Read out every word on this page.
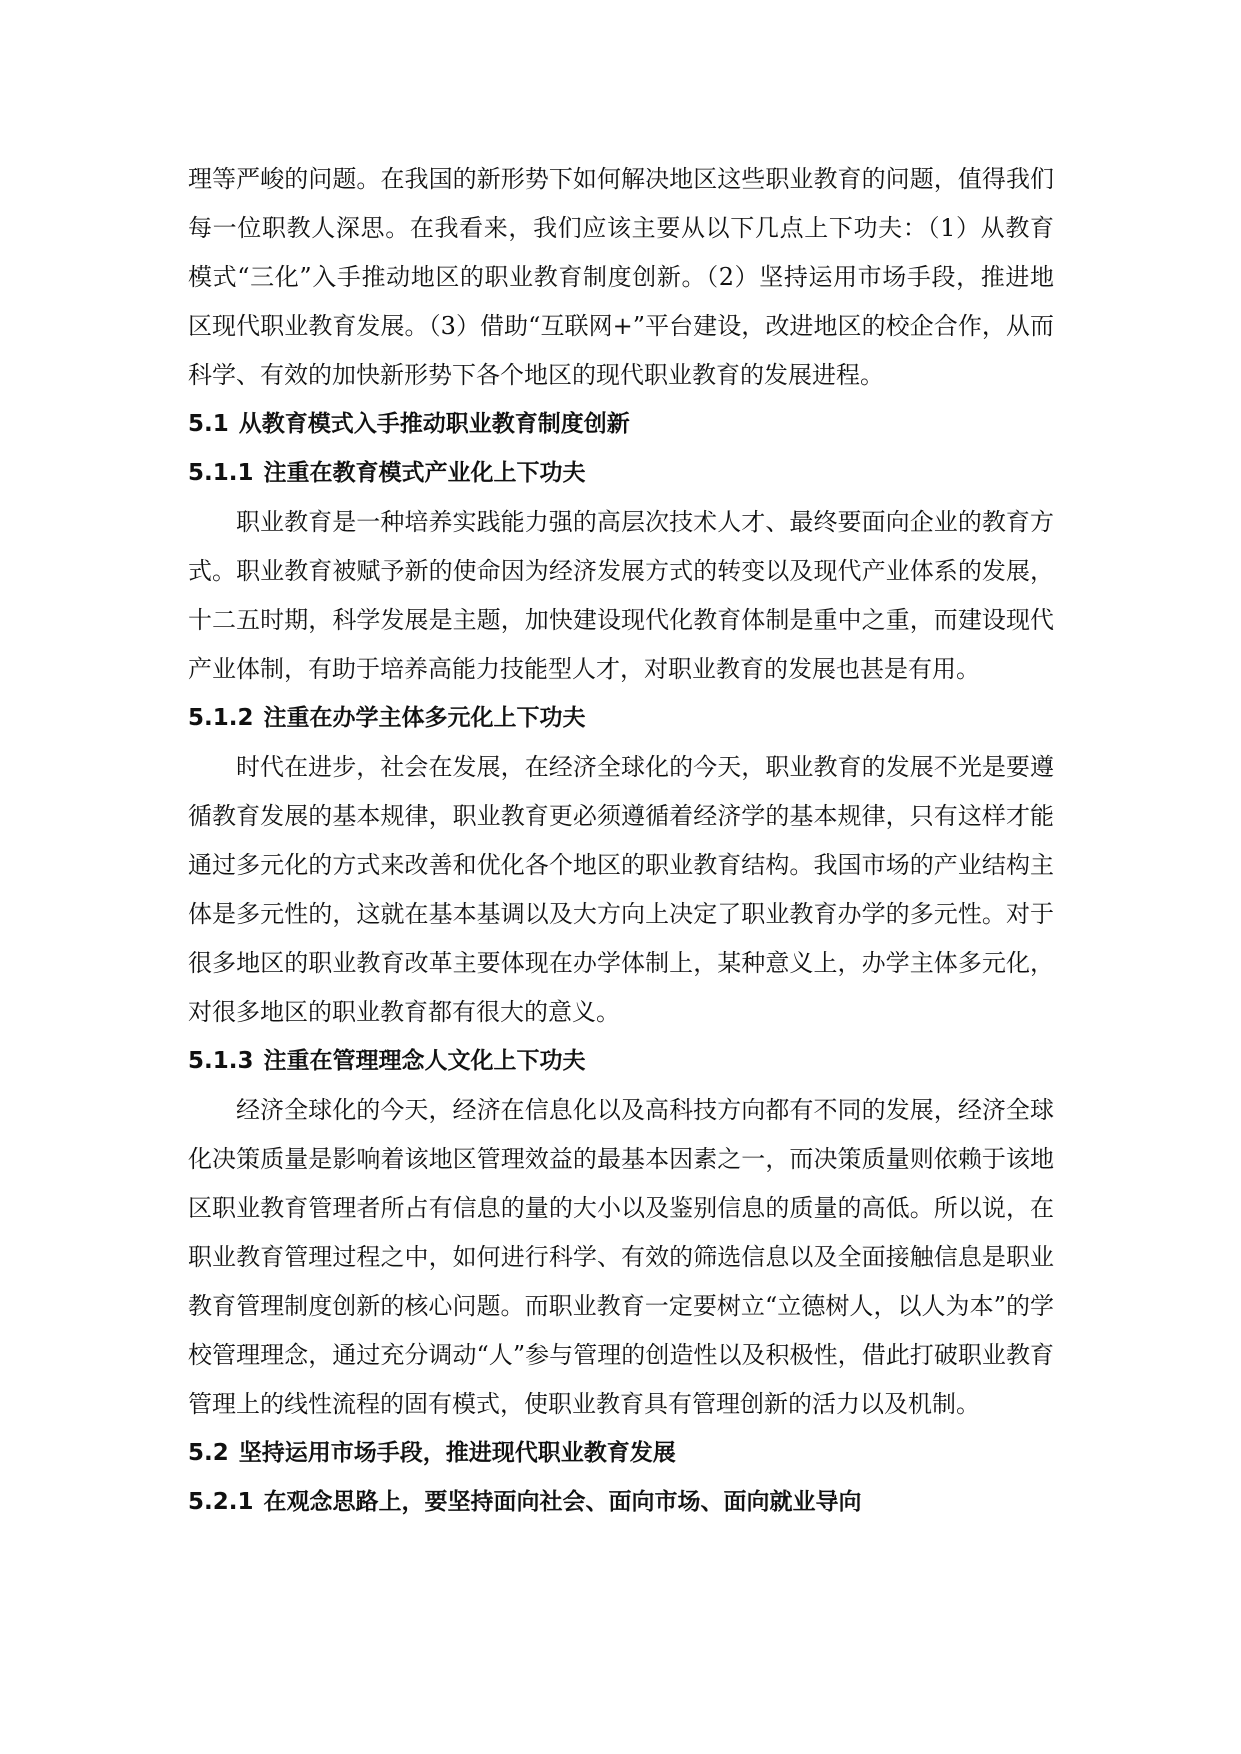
理等严峻的问题。在我国的新形势下如何解决地区这些职业教育的问题，值得我们每一位职教人深思。在我看来，我们应该主要从以下几点上下功夫：（1）从教育模式“三化”入手推动地区的职业教育制度创新。（2）坚持运用市场手段，推进地区现代职业教育发展。（3）借助“互联网+”平台建设，改进地区的校企合作，从而科学、有效的加快新形势下各个地区的现代职业教育的发展进程。

5.1 从教育模式入手推动职业教育制度创新
5.1.1 注重在教育模式产业化上下功夫

职业教育是一种培养实践能力强的高层次技术人才、最终要面向企业的教育方式。职业教育被赋予新的使命因为经济发展方式的转变以及现代产业体系的发展，十二五时期，科学发展是主题，加快建设现代化教育体制是重中之重，而建设现代产业体制，有助于培养高能力技能型人才，对职业教育的发展也甚是有用。

5.1.2 注重在办学主体多元化上下功夫

时代在进步，社会在发展，在经济全球化的今天，职业教育的发展不光是要遵循教育发展的基本规律，职业教育更必须遵循着经济学的基本规律，只有这样才能通过多元化的方式来改善和优化各个地区的职业教育结构。我国市场的产业结构主体是多元性的，这就在基本基调以及大方向上决定了职业教育办学的多元性。对于很多地区的职业教育改革主要体现在办学体制上，某种意义上，办学主体多元化，对很多地区的职业教育都有很大的意义。

5.1.3 注重在管理理念人文化上下功夫

经济全球化的今天，经济在信息化以及高科技方向都有不同的发展，经济全球化决策质量是影响着该地区管理效益的最基本因素之一，而决策质量则依赖于该地区职业教育管理者所占有信息的量的大小以及鉴别信息的质量的高低。所以说，在职业教育管理过程之中，如何进行科学、有效的筛选信息以及全面接触信息是职业教育管理制度创新的核心问题。而职业教育一定要树立“立德树人，以人为本”的学校管理理念，通过充分调动“人”参与管理的创造性以及积极性，借此打破职业教育管理上的线性流程的固有模式，使职业教育具有管理创新的活力以及机制。

5.2 坚持运用市场手段，推进现代职业教育发展
5.2.1 在观念思路上，要坚持面向社会、面向市场、面向就业导向
